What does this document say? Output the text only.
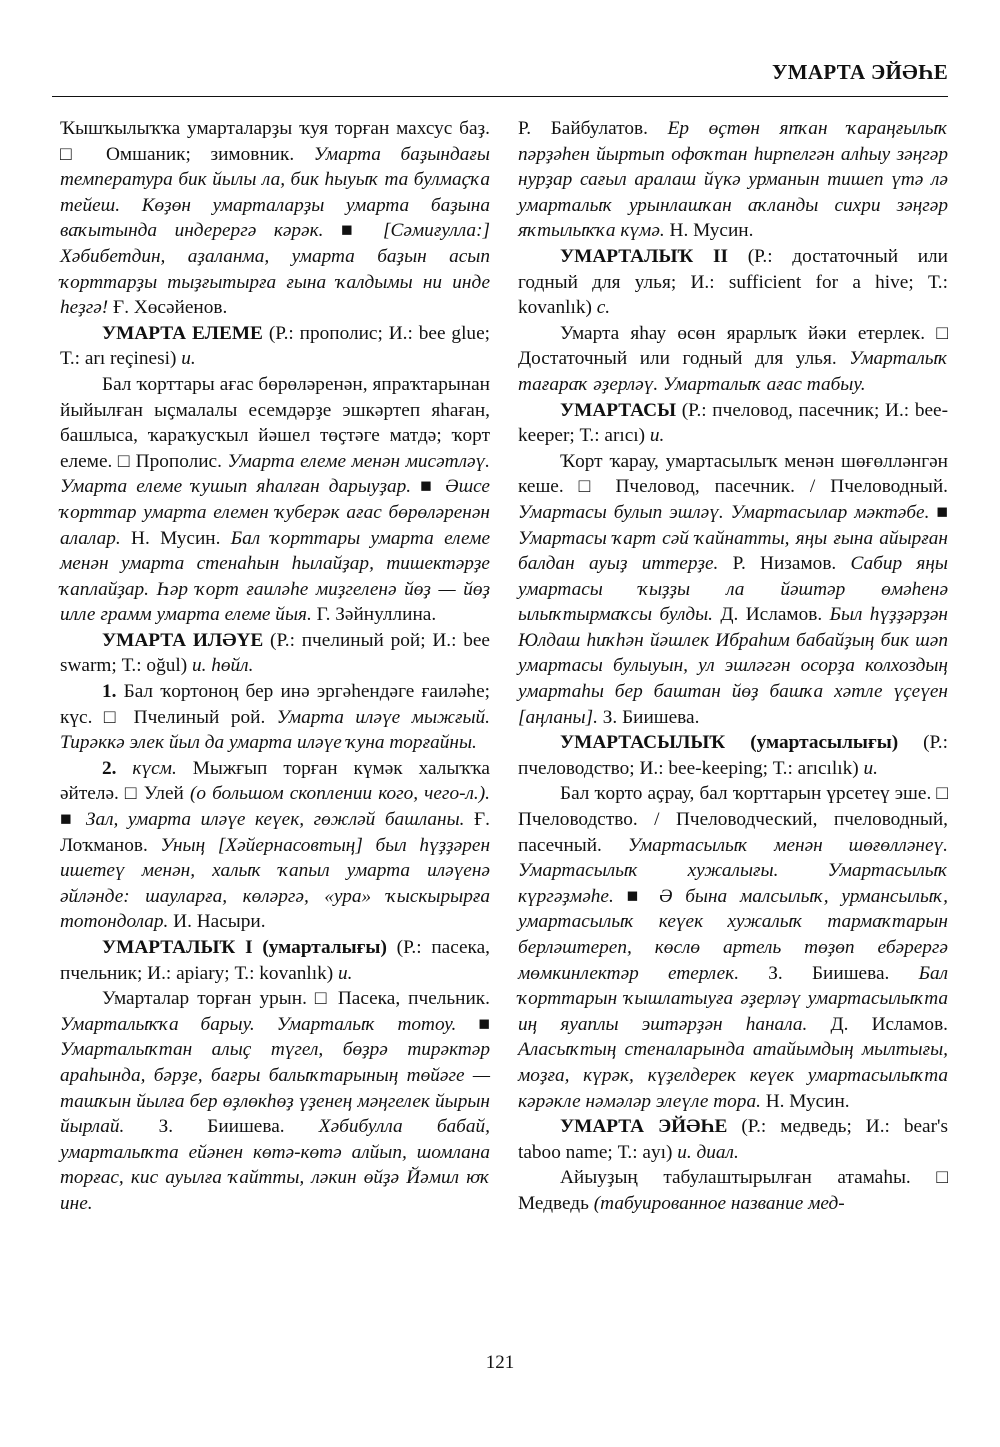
УМАРТА ЭЙӘҺЕ

Ҡышҡылыҡҡа умарталарҙы ҡуя торған махсус баҙ. □ Омшаник; зимовник. Умарта баҙындағы температура бик йылы ла, бик һыуыҡ та булмаҫҡа тейеш. Көҙөн умарталарҙы умарта баҙына ваҡытында индерергә кәрәк. ■ [Сәмиғулла:] Хәбибетдин, аҙаланма, умарта баҙын асып ҡорттарҙы тыҙғытырға ғына ҡалдымы ни инде һеҙгә! Ғ. Хөсәйенов.

УМАРТА ЕЛЕМЕ (Р.: прополис; И.: bee glue; Т.: arı reçinesi) и.

Бал ҡорттары ағас бөрөләренән, япраҡтарынан йыйылған ыҫмалалы есемдәрҙе эшкәртеп яһаған, башлыса, ҡараҡусҡыл йәшел төҫтәге матдә; ҡорт елеме. □ Прополис. Умарта елеме менән мисәтләү. Умарта елеме ҡушып яһалған дарыуҙар. ■ Әшсе ҡорттар умарта елемен ҡуберәк ағас бөрөләренән алалар. Н. Мусин. Бал ҡорттары умарта елеме менән умарта стенаһын һылайҙар, тишектәрҙе ҡаплайҙар. Һәр ҡорт ғаиләһе миҙгеленә йөҙ — йөҙ илле грамм умарта елеме йыя. Г. Зәйнуллина.

УМАРТА ИЛӘҮЕ (Р.: пчелиный рой; И.: bee swarm; Т.: oğul) и. һөйл.

1. Бал ҡортоноң бер инә эргәһендәге ғаиләһе; күс. □ Пчелиный рой. Умарта иләүе мыжғый. Тирәккә элек йыл да умарта иләүе ҡуна торғайны.

2. күсм. Мыжғып торған күмәк халыҡҡа әйтелә. □ Улей (о большом скоплении кого, чего-л.). ■ Зал, умарта иләүе кеүек, гөжләй башланы. Ғ. Лоҡманов. Уның [Хәйернасовтың] был һүҙҙәрен ишетеү менән, халыҡ ҡапыл умарта иләүенә әйләнде: шауларға, көләргә, «ура» ҡыскырырға тотондолар. И. Насыри.

УМАРТАЛЫҠ I (умарталығы) (Р.: пасека, пчельник; И.: apiary; Т.: kovanlık) и.

Умарталар торған урын. □ Пасека, пчельник. Умарталыҡҡа барыу. Умарталыҡ тотоу. ■ Умарталыҡтан алыҫ түгел, бөҙрә тирәктәр араһында, бәрҙе, бағры балыҡтарының төйәге — ташҡын йылға бер өҙлөкһөҙ үҙенең мәңгелек йырын йырлай. З. Биишева. Хәбибулла бабай, умарталыҡта ейәнен көтә-көтә алйып, шомлана торғас, кис ауылға ҡайтты, ләкин өйҙә Йәмил юҡ ине.

Р. Байбулатов. Ер өҫтөн япҡан ҡараңғылыҡ пәрҙәһен йыртып офоҡтан һирпелгән алһыу зәңгәр нурҙар сағыл аралаш йүкә урманын тишеп үтә лә умарталыҡ урынлашҡан аҡланды сихри зәңгәр яҡтылыҡҡа күмә. Н. Мусин.

УМАРТАЛЫҠ II (Р.: достаточный или годный для улья; И.: sufficient for a hive; Т.: kovanlık) с.

Умарта яһау өсөн ярарлыҡ йәки етерлек. □ Достаточный или годный для улья. Умарталыҡ тағараҡ әҙерләү. Умарталыҡ ағас табыу.

УМАРТАСЫ (Р.: пчеловод, пасечник; И.: bee-keeper; Т.: arıcı) и.

Ҡорт ҡарау, умартасылыҡ менән шөғөлләнгән кеше. □ Пчеловод, пасечник. / Пчеловодный. Умартасы булып эшләү. Умартасылар мәктәбе. ■ Умартасы ҡарт сәй ҡайнатты, яңы ғына айырған балдан ауыҙ иттерҙе. Р. Низамов. Сабир яңы умартасы ҡыҙҙы ла йәштәр өмәһенә ылыҡтырмаҡсы булды. Д. Исламов. Был һүҙҙәрҙән Юлдаш һиҡһән йәшлек Ибраһим бабайҙың бик шәп умартасы булыуын, ул эшләгән осорҙа колхоздың умартаһы бер баштан йөҙ башҡа хәтле үҫеүен [аңланы]. З. Биишева.

УМАРТАСЫЛЫҠ (умартасылығы) (Р.: пчеловодство; И.: bee-keeping; Т.: arıcılık) и.

Бал ҡорто аҫрау, бал ҡорттарын үрсетеү эше. □ Пчеловодство. / Пчеловодческий, пчеловодный, пасечный. Умартасылыҡ менән шөғөлләнеү. Умартасылыҡ хужалығы. Умартасылыҡ күргәҙмәһе. ■ Ә бына малсылыҡ, урмансылыҡ, умартасылыҡ кеүек хужалыҡ тармаҡтарын берләштереп, көслө артель төҙөп ебәрергә мөмкинлектәр етерлек. З. Биишева. Бал ҡорттарын ҡышлатыуға әҙерләү умартасылыҡта иң яуаплы эштәрҙән һанала. Д. Исламов. Аласыҡтың стеналарында атайымдың мылтығы, моҙға, күрәк, күҙелдерек кеүек умартасылыҡта кәрәкле нәмәләр элеүле тора. Н. Мусин.

УМАРТА ЭЙӘҺЕ (Р.: медведь; И.: bear's taboo name; Т.: ayı) и. диал.

Айыуҙың табулаштырылған атамаһы. □ Медведь (табуированное название мед-

121
